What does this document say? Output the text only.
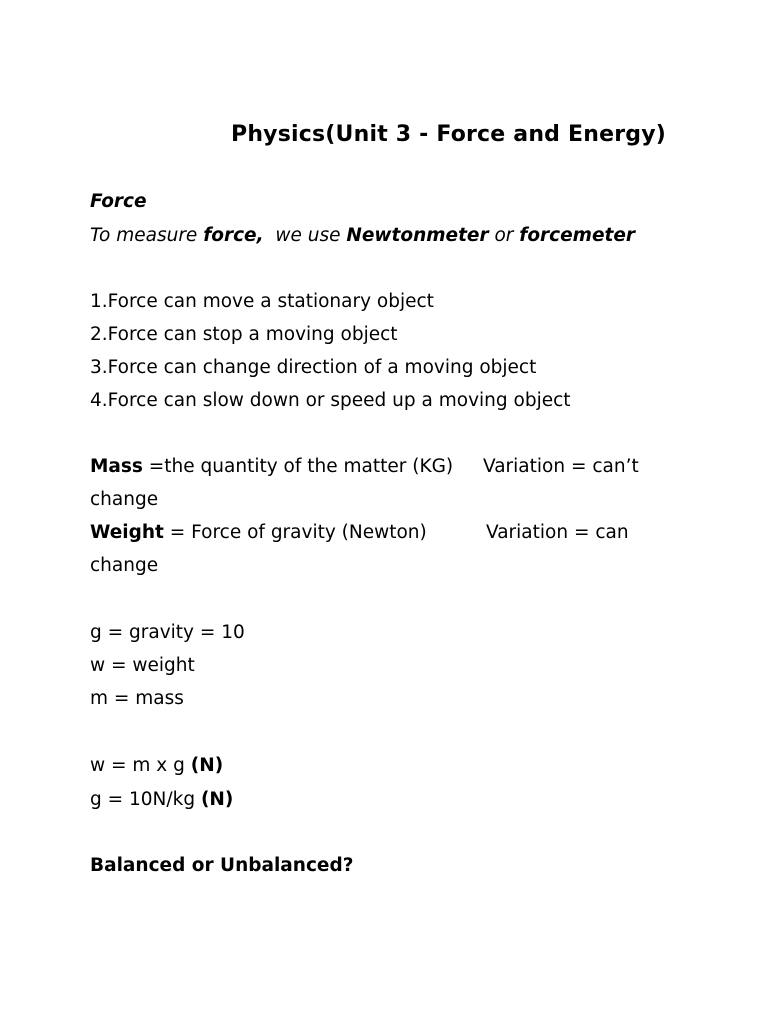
Physics(Unit 3 - Force and Energy)
Force
To measure force,  we use Newtonmeter or forcemeter
1.Force can move a stationary object
2.Force can stop a moving object
3.Force can change direction of a moving object
4.Force can slow down or speed up a moving object
Mass =the quantity of the matter (KG) Variation = can’t
change
Weight = Force of gravity (Newton)	Variation = can
change
g = gravity = 10
w = weight
m = mass
w = m x g (N)
g = 10N/kg (N)
Balanced or Unbalanced?
